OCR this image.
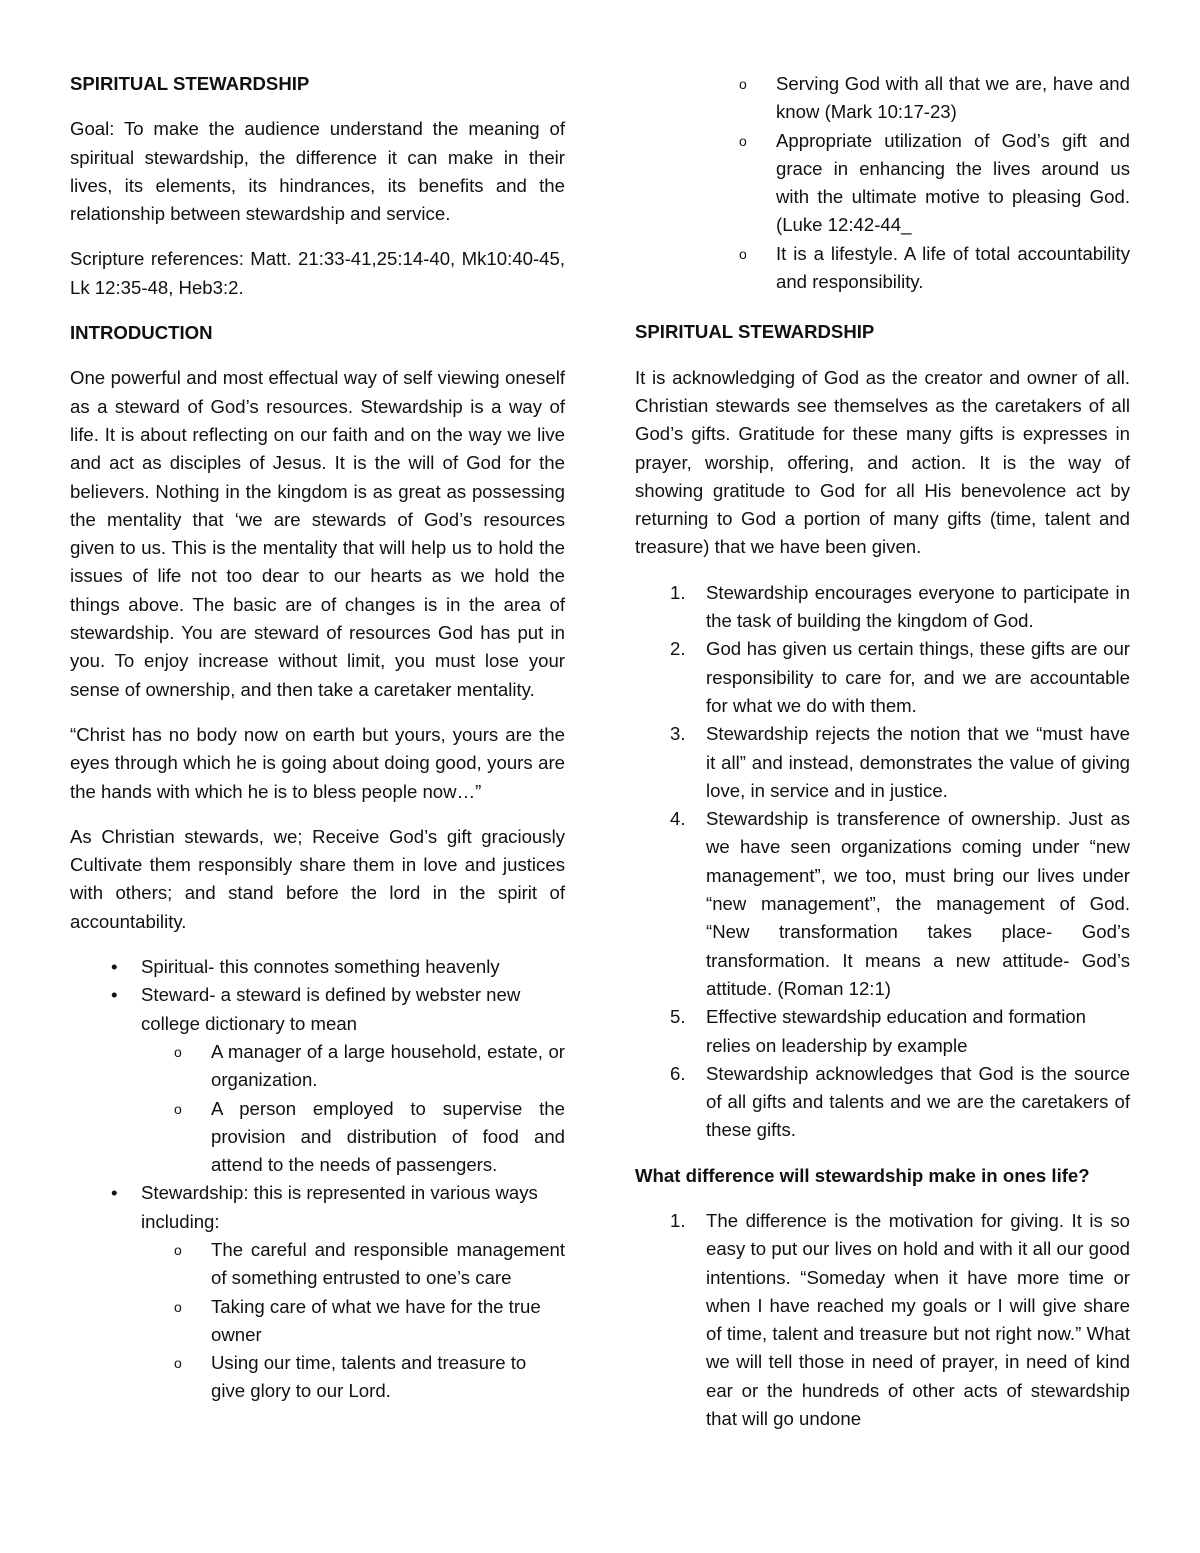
SPIRITUAL STEWARDSHIP

Goal: To make the audience understand the meaning of spiritual stewardship, the difference it can make in their lives, its elements, its hindrances, its benefits and the relationship between stewardship and service.

Scripture references: Matt. 21:33-41,25:14-40, Mk10:40-45, Lk 12:35-48, Heb3:2.

INTRODUCTION

One powerful and most effectual way of self viewing oneself as a steward of God’s resources. Stewardship is a way of life. It is about reflecting on our faith and on the way we live and act as disciples of Jesus. It is the will of God for the believers. Nothing in the kingdom is as great as possessing the mentality that ‘we are stewards of God’s resources given to us. This is the mentality that will help us to hold the issues of life not too dear to our hearts as we hold the things above. The basic are of changes is in the area of stewardship. You are steward of resources God has put in you. To enjoy increase without limit, you must lose your sense of ownership, and then take a caretaker mentality.

“Christ has no body now on earth but yours, yours are the eyes through which he is going about doing good, yours are the hands with which he is to bless people now…”

As Christian stewards, we; Receive God’s gift graciously Cultivate them responsibly share them in love and justices with others; and stand before the lord in the spirit of accountability.

• Spiritual- this connotes something heavenly
• Steward- a steward is defined by webster new college dictionary to mean
o A manager of a large household, estate, or organization.
o A person employed to supervise the provision and distribution of food and attend to the needs of passengers.
• Stewardship: this is represented in various ways including:
o The careful and responsible management of something entrusted to one’s care
o Taking care of what we have for the true owner
o Using our time, talents and treasure to give glory to our Lord.
o Serving God with all that we are, have and know (Mark 10:17-23)
o Appropriate utilization of God’s gift and grace in enhancing the lives around us with the ultimate motive to pleasing God. (Luke 12:42-44_
o It is a lifestyle. A life of total accountability and responsibility.
SPIRITUAL STEWARDSHIP

It is acknowledging of God as the creator and owner of all. Christian stewards see themselves as the caretakers of all God’s gifts. Gratitude for these many gifts is expresses in prayer, worship, offering, and action. It is the way of showing gratitude to God for all His benevolence act by returning to God a portion of many gifts (time, talent and treasure) that we have been given.

1. Stewardship encourages everyone to participate in the task of building the kingdom of God.
2. God has given us certain things, these gifts are our responsibility to care for, and we are accountable for what we do with them.
3. Stewardship rejects the notion that we “must have it all” and instead, demonstrates the value of giving love, in service and in justice.
4. Stewardship is transference of ownership. Just as we have seen organizations coming under “new management”, we too, must bring our lives under “new management”, the management of God. “New transformation takes place- God’s transformation. It means a new attitude- God’s attitude. (Roman 12:1)
5. Effective stewardship education and formation relies on leadership by example
6. Stewardship acknowledges that God is the source of all gifts and talents and we are the caretakers of these gifts.
What difference will stewardship make in ones life?
1. The difference is the motivation for giving. It is so easy to put our lives on hold and with it all our good intentions. “Someday when it have more time or when I have reached my goals or I will give share of time, talent and treasure but not right now.” What we will tell those in need of prayer, in need of kind ear or the hundreds of other acts of stewardship that will go undone
